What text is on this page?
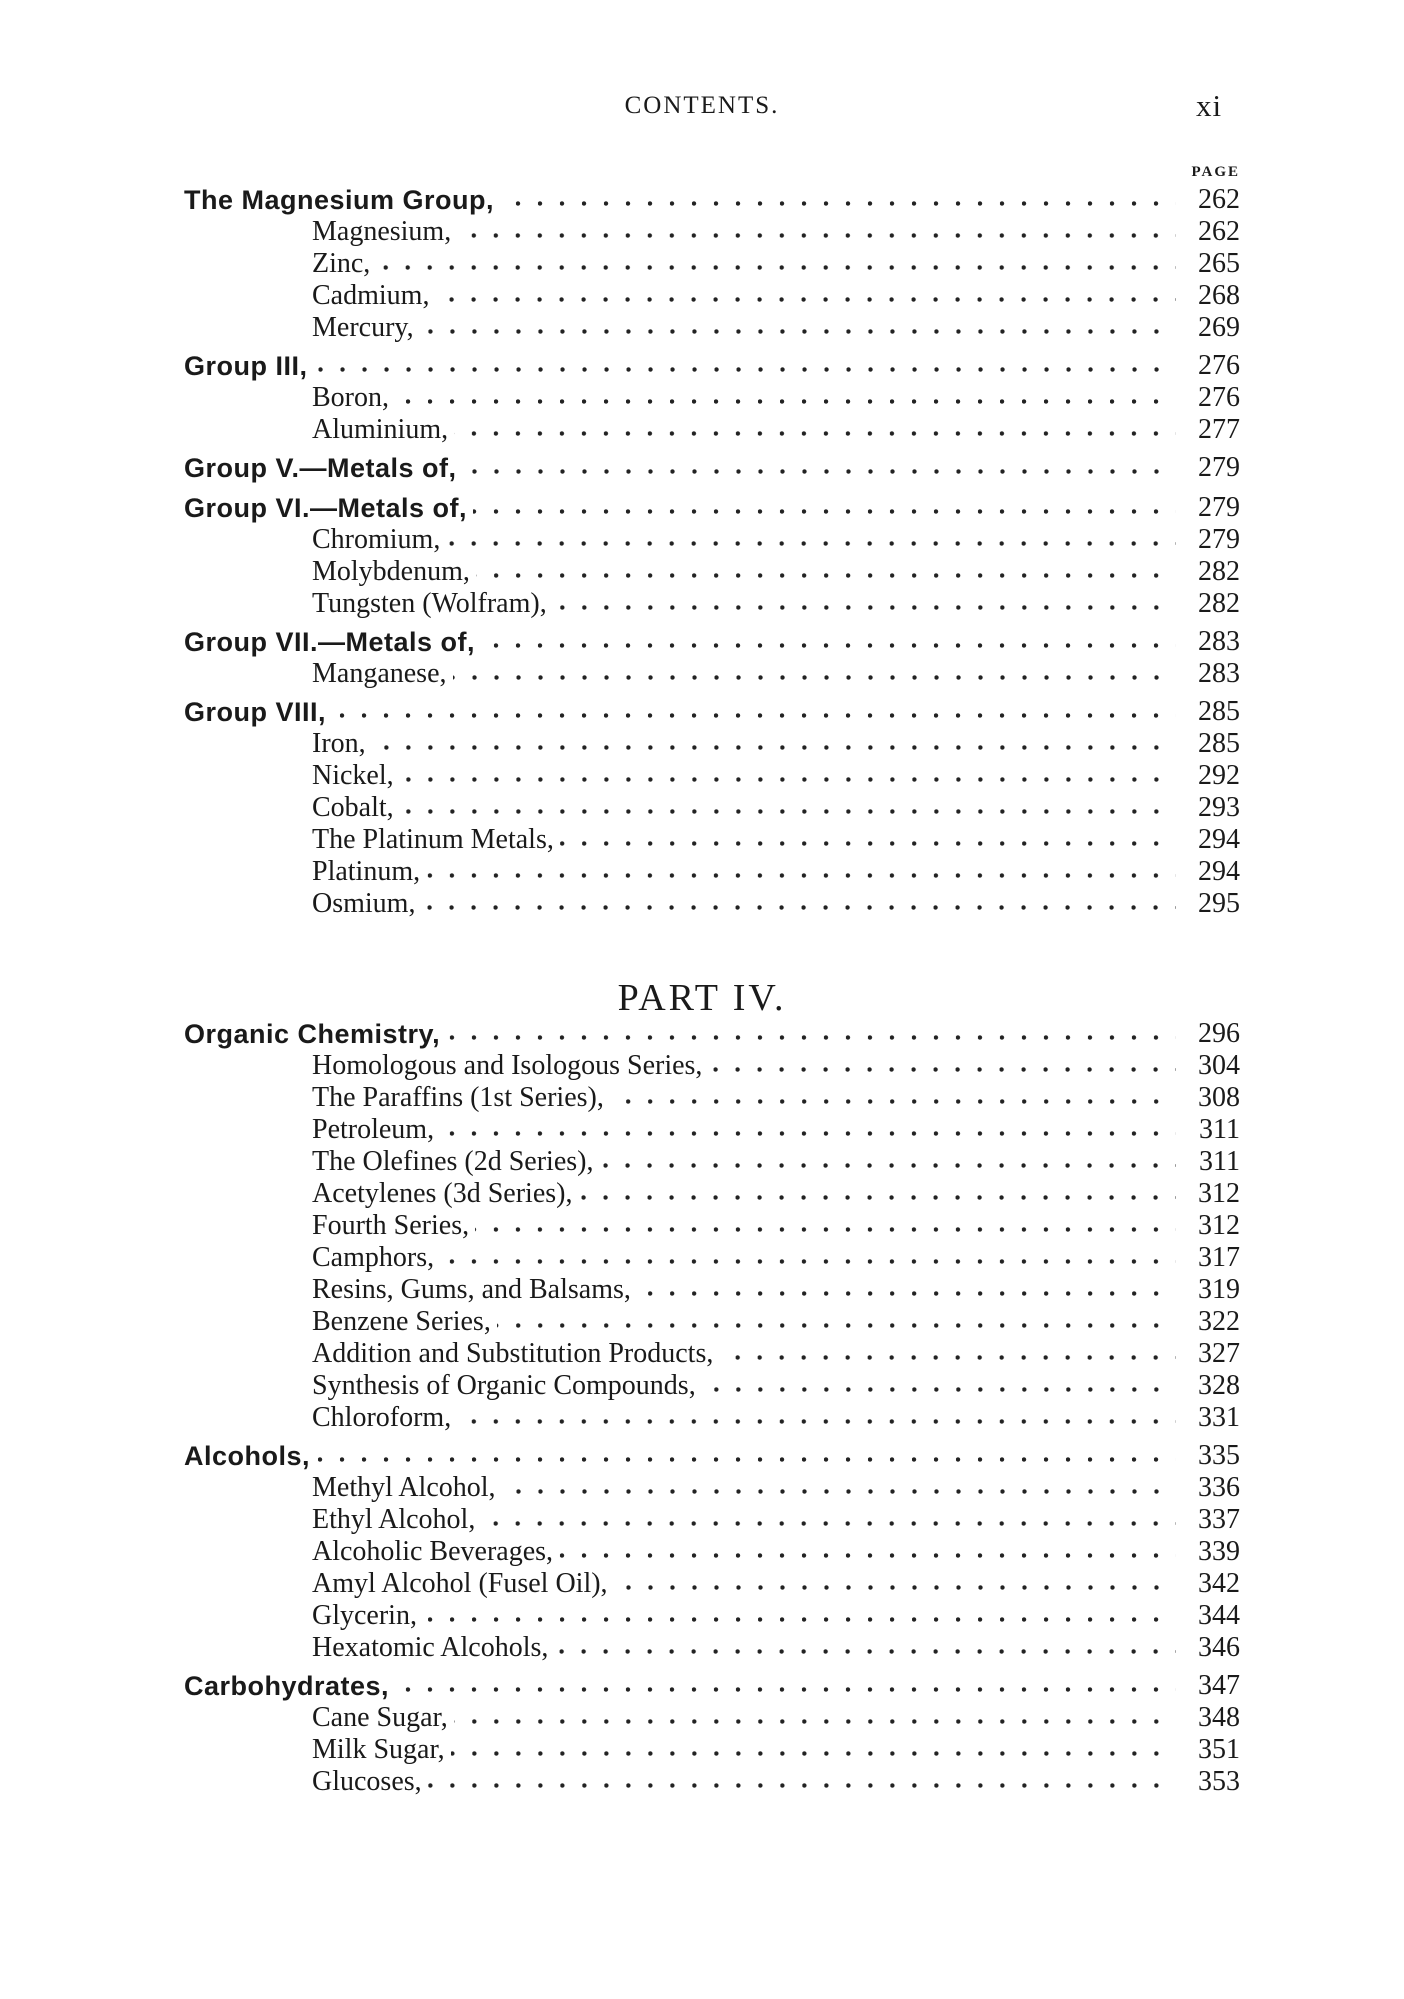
CONTENTS.	xi
PAGE
The Magnesium Group,	262
Magnesium,	262
Zinc,	265
Cadmium,	268
Mercury,	269
Group III,	276
Boron,	276
Aluminium,	277
Group V.—Metals of,	279
Group VI.—Metals of,	279
Chromium,	279
Molybdenum,	282
Tungsten (Wolfram),	282
Group VII.—Metals of,	283
Manganese,	283
Group VIII,	285
Iron,	285
Nickel,	292
Cobalt,	293
The Platinum Metals,	294
Platinum,	294
Osmium,	295
PART IV.
Organic Chemistry,	296
Homologous and Isologous Series,	304
The Paraffins (1st Series),	308
Petroleum,	311
The Olefines (2d Series),	311
Acetylenes (3d Series),	312
Fourth Series,	312
Camphors,	317
Resins, Gums, and Balsams,	319
Benzene Series,	322
Addition and Substitution Products,	327
Synthesis of Organic Compounds,	328
Chloroform,	331
Alcohols,	335
Methyl Alcohol,	336
Ethyl Alcohol,	337
Alcoholic Beverages,	339
Amyl Alcohol (Fusel Oil),	342
Glycerin,	344
Hexatomic Alcohols,	346
Carbohydrates,	347
Cane Sugar,	348
Milk Sugar,	351
Glucoses,	353
